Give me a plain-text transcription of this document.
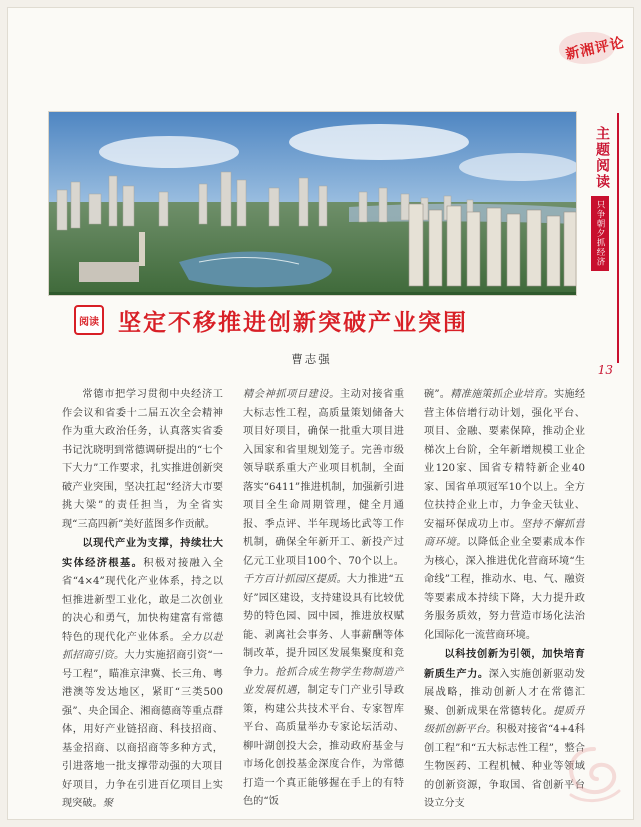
新湘评论
主题阅读
只争朝夕抓经济
13
阅读 坚定不移推进创新突破产业突围
曹志强

常德市把学习贯彻中央经济工作会议和省委十二届五次全会精神作为重大政治任务，认真落实省委书记沈晓明到常德调研提出的“七个下大力”工作要求，扎实推进创新突破产业突围，坚决扛起“经济大市要挑大梁”的责任担当，为全省实现“三高四新”美好蓝图多作贡献。

以现代产业为支撑，持续壮大实体经济根基。积极对接融入全省“4×4”现代化产业体系，持之以恒推进新型工业化，敢是二次创业的决心和勇气，加快构建富有常德特色的现代化产业体系。全力以赴抓招商引资。大力实施招商引资“一号工程”，瞄准京津冀、长三角、粤港澳等发达地区，紧盯“三类500强”、央企国企、湘商德商等重点群体，用好产业链招商、科技招商、基金招商、以商招商等多种方式，引进落地一批支撑带动强的大项目好项目，力争在引进百亿项目上实现突破。聚

精会神抓项目建设。主动对接省重大标志性工程，高质量策划储备大项目好项目，确保一批重大项目进入国家和省里规划笼子。完善市级领导联系重大产业项目机制，全面落实“6411”推进机制，加强新引进项目全生命周期管理，健全月通报、季点评、半年现场比武等工作机制，确保全年新开工、新投产过亿元工业项目100个、70个以上。千方百计抓园区提质。大力推进“五好”园区建设，支持建设具有比较优势的特色园、园中园，推进放权赋能、剥离社会事务、人事薪酬等体制改革，提升园区发展集聚度和竞争力。抢抓合成生物学生物制造产业发展机遇，制定专门产业引导政策，构建公共技术平台、专家智库平台、高质量举办专家论坛活动、柳叶湖创投大会，推动政府基金与市场化创投基金深度合作，为常德打造一个真正能够握在手上的有特色的“饭

碗”。精准施策抓企业培育。实施经营主体倍增行动计划，强化平台、项目、金融、要素保障，推动企业梯次上台阶，全年新增规模工业企业120家、国省专精特新企业40家、国省单项冠军10个以上。全方位扶持企业上市，力争金天钛业、安福环保成功上市。坚持不懈抓营商环境。以降低企业全要素成本作为核心，深入推进优化营商环境“生命线”工程，推动水、电、气、融资等要素成本持续下降，大力提升政务服务质效，努力营造市场化法治化国际化一流营商环境。

以科技创新为引领，加快培育新质生产力。深入实施创新驱动发展战略，推动创新人才在常德汇聚、创新成果在常德转化。提质升级抓创新平台。积极对接省“4+4科创工程”和“五大标志性工程”，整合生物医药、工程机械、种业等领域的创新资源，争取国、省创新平台设立分支
